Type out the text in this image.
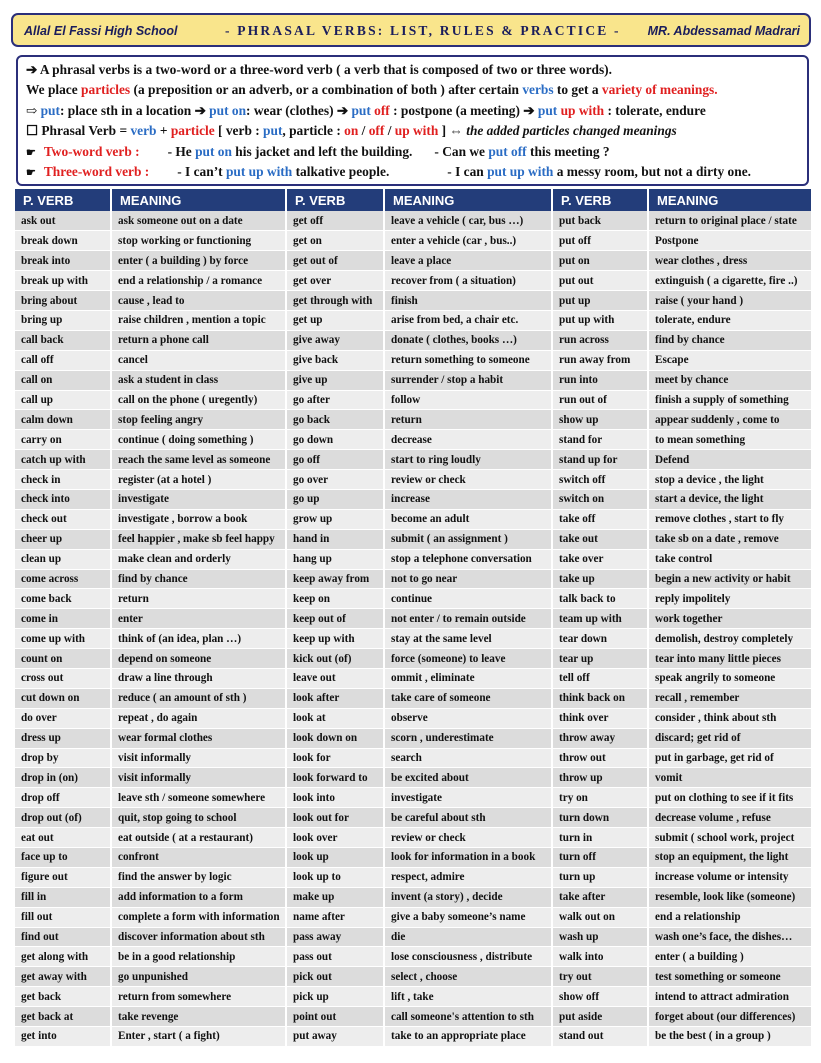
Allal El Fassi High School	- PHRASAL VERBS: LIST, RULES & PRACTICE - MR. Abdessamad Madrari
➔ A phrasal verbs is a two-word or a three-word verb ( a verb that is composed of two or three words).
We place particles (a preposition or an adverb, or a combination of both ) after certain verbs to get a variety of meanings.
⇨ put: place sth in a location ➔ put on: wear (clothes) ➔ put off : postpone (a meeting) ➔ put up with : tolerate, endure
☐ Phrasal Verb = verb + particle [ verb : put, particle : on / off / up with ] ⇔ the added particles changed meanings
☛ Two-word verb : - He put on his jacket and left the building. - Can we put off this meeting ?
☛ Three-word verb : - I can’t put up with talkative people.	- I can put up with a messy room, but not a dirty one.
P. VERB	MEANING	P. VERB	MEANING	P. VERB	MEANING
ask out	ask someone out on a date	get off	leave a vehicle ( car, bus …)	put back	return to original place / state
break down	stop working or functioning	get on	enter a vehicle (car , bus..)	put off	Postpone
break into	enter ( a building ) by force	get out of	leave a place	put on	wear clothes , dress
break up with	end a relationship / a romance	get over	recover from ( a situation)	put out	extinguish ( a cigarette, fire ..)
bring about	cause , lead to	get through with	finish	put up	raise ( your hand )
bring up	raise children , mention a topic	get up	arise from bed, a chair etc.	put up with	tolerate, endure
call back	return a phone call	give away	donate ( clothes, books …)	run across	find by chance
call off	cancel	give back	return something to someone	run away from	Escape
call on	ask a student in class	give up	surrender / stop a habit	run into	meet by chance
call up	call on the phone ( uregently)	go after	follow	run out of	finish a supply of something
calm down	stop feeling angry	go back	return	show up	appear suddenly , come to
carry on	continue ( doing something )	go down	decrease	stand for	to mean something
catch up with	reach the same level as someone	go off	start to ring loudly	stand up for	Defend
check in	register (at a hotel )	go over	review or check	switch off	stop a device , the light
check into	investigate	go up	increase	switch on	start a device, the light
check out	investigate , borrow a book	grow up	become an adult	take off	remove clothes , start to fly
cheer up	feel happier , make sb feel happy	hand in	submit ( an assignment )	take out	take sb on a date , remove
clean up	make clean and orderly	hang up	stop a telephone conversation	take over	take control
come across	find by chance	keep away from	not to go near	take up	begin a new activity or habit
come back	return	keep on	continue	talk back to	reply impolitely
come in	enter	keep out of	not enter / to remain outside	team up with	work together
come up with	think of (an idea, plan …)	keep up with	stay at the same level	tear down	demolish, destroy completely
count on	depend on someone	kick out (of)	force (someone) to leave	tear up	tear into many little pieces
cross out	draw a line through	leave out	ommit , eliminate	tell off	speak angrily to someone
cut down on	reduce ( an amount of sth )	look after	take care of someone	think back on	recall , remember
do over	repeat , do again	look at	observe	think over	consider , think about sth
dress up	wear formal clothes	look down on	scorn , underestimate	throw away	discard; get rid of
drop by	visit informally	look for	search	throw out	put in garbage, get rid of
drop in (on)	visit informally	look forward to	be excited about	throw up	vomit
drop off	leave sth / someone somewhere	look into	investigate	try on	put on clothing to see if it fits
drop out (of)	quit, stop going to school	look out for	be careful about sth	turn down	decrease volume , refuse
eat out	eat outside ( at a restaurant)	look over	review or check	turn in	submit ( school work, project
face up to	confront	look up	look for information in a book	turn off	stop an equipment, the light
figure out	find the answer by logic	look up to	respect, admire	turn up	increase volume or intensity
fill in	add information to a form	make up	invent (a story) , decide	take after	resemble, look like (someone)
fill out	complete a form with information	name after	give a baby someone’s name	walk out on	end a relationship
find out	discover information about sth	pass away	die	wash up	wash one’s face, the dishes…
get along with	be in a good relationship	pass out	lose consciousness , distribute	walk into	enter ( a building )
get away with	go unpunished	pick out	select , choose	try out	test something or someone
get back	return from somewhere	pick up	lift , take	show off	intend to attract admiration
get back at	take revenge	point out	call someone's attention to sth	put aside	forget about (our differences)
get into	Enter , start ( a fight)	put away	take to an appropriate place	stand out	be the best ( in a group )
